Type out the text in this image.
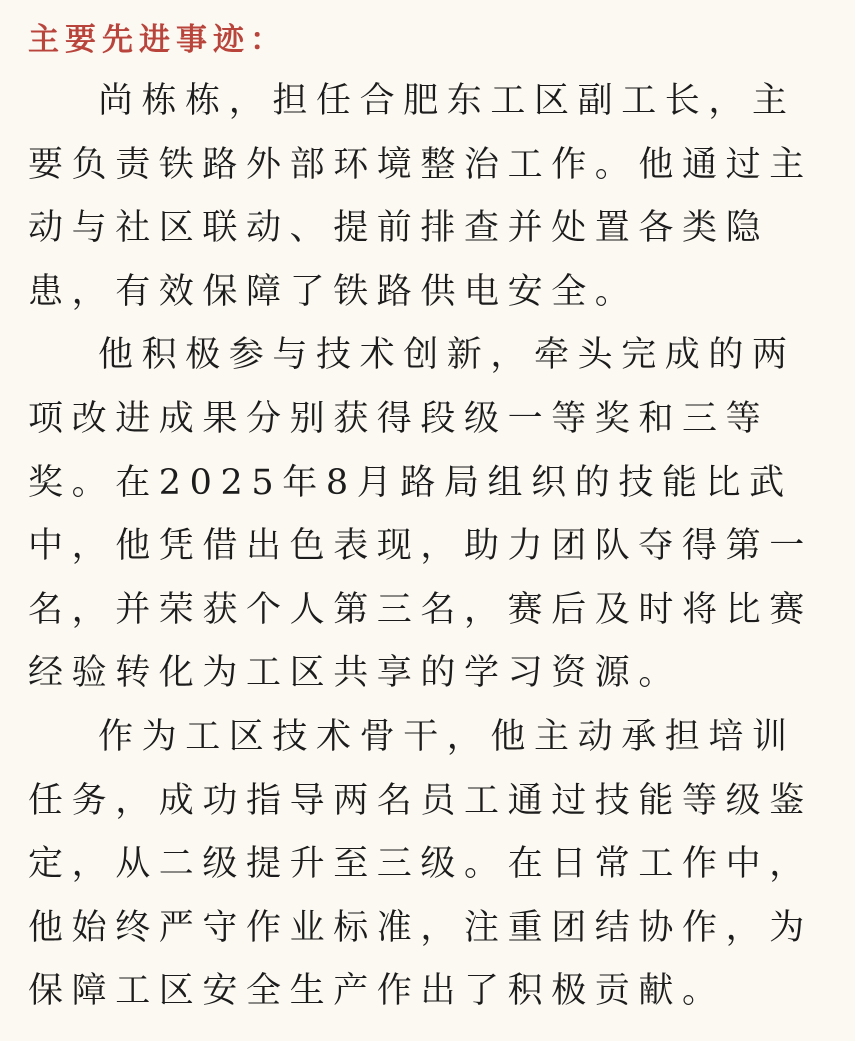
主要先进事迹：
尚栋栋，担任合肥东工区副工长，主
要负责铁路外部环境整治工作。他通过主
动与社区联动、提前排查并处置各类隐
患，有效保障了铁路供电安全。
他积极参与技术创新，牵头完成的两
项改进成果分别获得段级一等奖和三等
奖。在2025年8月路局组织的技能比武
中，他凭借出色表现，助力团队夺得第一
名，并荣获个人第三名，赛后及时将比赛
经验转化为工区共享的学习资源。
作为工区技术骨干，他主动承担培训
任务，成功指导两名员工通过技能等级鉴
定，从二级提升至三级。在日常工作中，
他始终严守作业标准，注重团结协作，为
保障工区安全生产作出了积极贡献。
